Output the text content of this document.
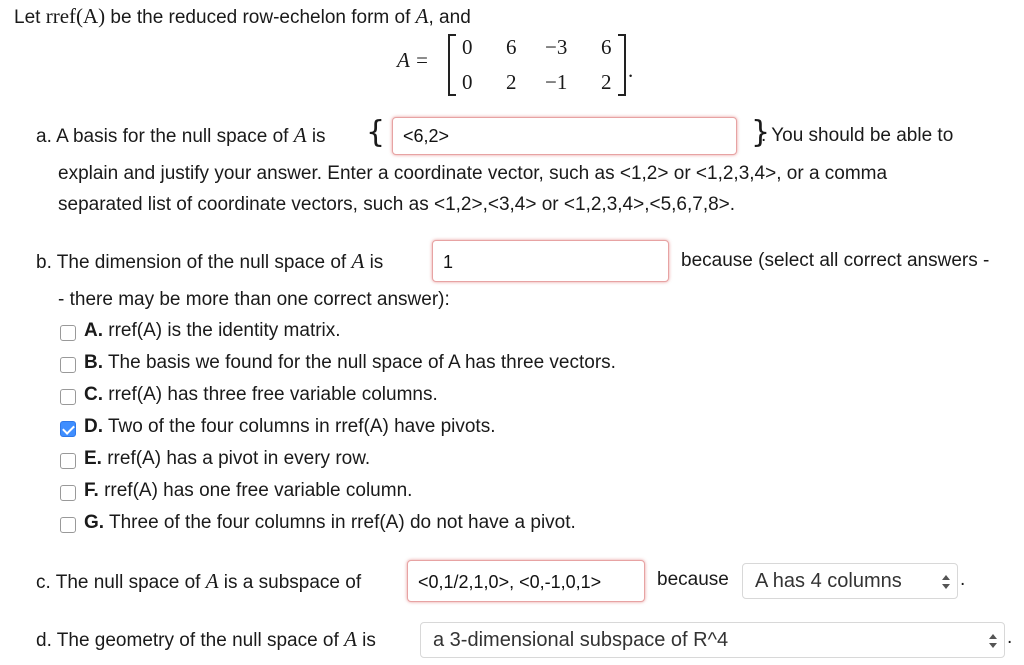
Let rref(A) be the reduced row-echelon form of A, and
A =
0 6 −3 6
0 2 −1 2 .
a. A basis for the null space of A is { <6,2>	}
. You should be able to
explain and justify your answer. Enter a coordinate vector, such as <1,2> or <1,2,3,4>, or a comma
separated list of coordinate vectors, such as <1,2>,<3,4> or <1,2,3,4>,<5,6,7,8>.
b. The dimension of the null space of A is	1	because (select all correct answers -
- there may be more than one correct answer):
A. rref(A) is the identity matrix.
B. The basis we found for the null space of A has three vectors.
C. rref(A) has three free variable columns.
D. Two of the four columns in rref(A) have pivots.
E. rref(A) has a pivot in every row.
F. rref(A) has one free variable column.
G. Three of the four columns in rref(A) do not have a pivot.
c. The null space of A is a subspace of	<0,1/2,1,0>, <0,-1,0,1>	because	A has 4 columns	.
d. The geometry of the null space of A is	a 3-dimensional subspace of R^4	.
